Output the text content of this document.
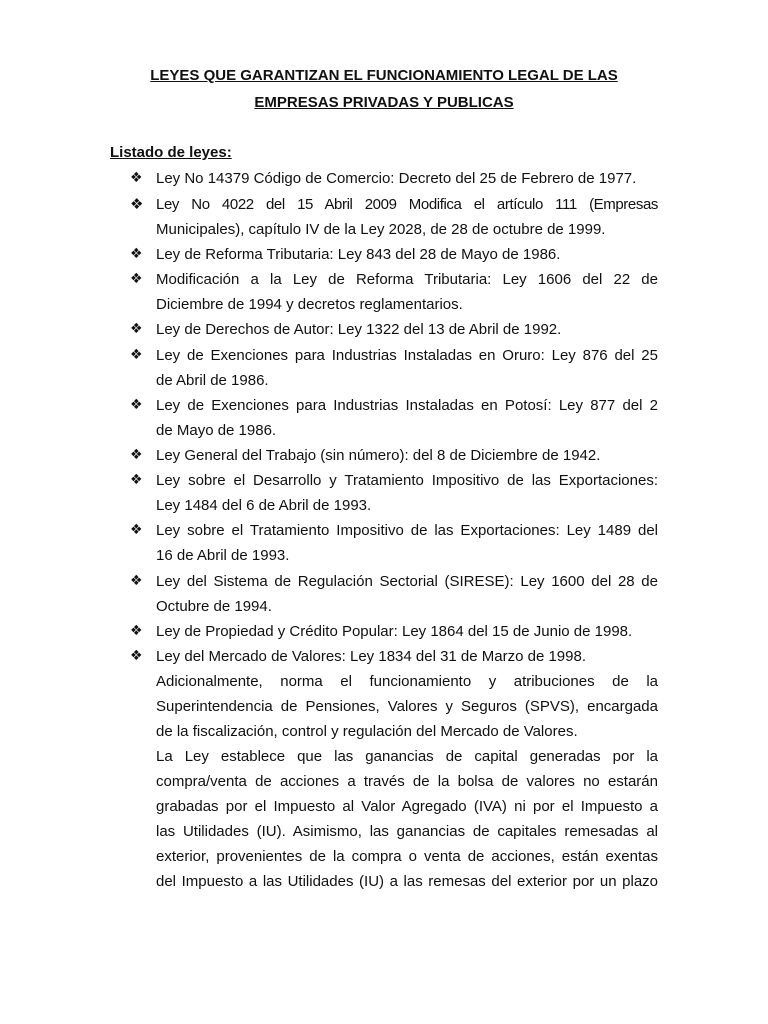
LEYES QUE GARANTIZAN EL FUNCIONAMIENTO LEGAL DE LAS
EMPRESAS PRIVADAS Y PUBLICAS
Listado de leyes:
❖ Ley No 14379 Código de Comercio: Decreto del 25 de Febrero de 1977.
❖ Ley No 4022 del 15 Abril 2009 Modifica el artículo 111 (Empresas
Municipales), capítulo IV de la Ley 2028, de 28 de octubre de 1999.
❖ Ley de Reforma Tributaria: Ley 843 del 28 de Mayo de 1986.
❖ Modificación a la Ley de Reforma Tributaria: Ley 1606 del 22 de
Diciembre de 1994 y decretos reglamentarios.
❖ Ley de Derechos de Autor: Ley 1322 del 13 de Abril de 1992.
❖ Ley de Exenciones para Industrias Instaladas en Oruro: Ley 876 del 25
de Abril de 1986.
❖ Ley de Exenciones para Industrias Instaladas en Potosí: Ley 877 del 2
de Mayo de 1986.
❖ Ley General del Trabajo (sin número): del 8 de Diciembre de 1942.
❖ Ley sobre el Desarrollo y Tratamiento Impositivo de las Exportaciones:
Ley 1484 del 6 de Abril de 1993.
❖ Ley sobre el Tratamiento Impositivo de las Exportaciones: Ley 1489 del
16 de Abril de 1993.
❖ Ley del Sistema de Regulación Sectorial (SIRESE): Ley 1600 del 28 de
Octubre de 1994.
❖ Ley de Propiedad y Crédito Popular: Ley 1864 del 15 de Junio de 1998.
❖ Ley del Mercado de Valores: Ley 1834 del 31 de Marzo de 1998.
Adicionalmente, norma el funcionamiento y atribuciones de la
Superintendencia de Pensiones, Valores y Seguros (SPVS), encargada
de la fiscalización, control y regulación del Mercado de Valores.
La Ley establece que las ganancias de capital generadas por la
compra/venta de acciones a través de la bolsa de valores no estarán
grabadas por el Impuesto al Valor Agregado (IVA) ni por el Impuesto a
las Utilidades (IU). Asimismo, las ganancias de capitales remesadas al
exterior, provenientes de la compra o venta de acciones, están exentas
del Impuesto a las Utilidades (IU) a las remesas del exterior por un plazo
